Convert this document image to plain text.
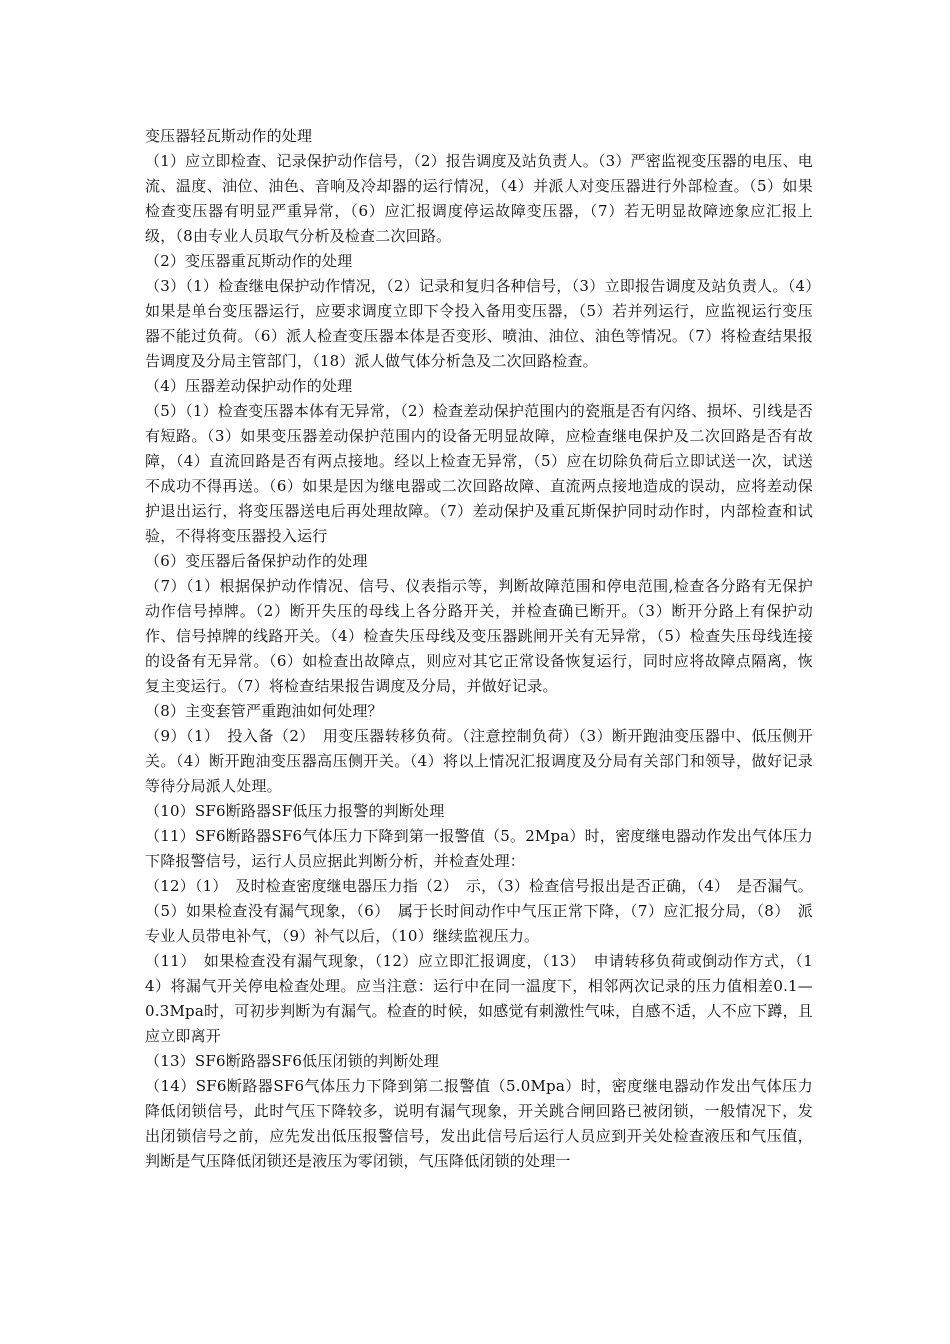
变压器轻瓦斯动作的处理

（1）应立即检查、记录保护动作信号，（2）报告调度及站负责人。（3）严密监视变压器的电压、电流、温度、油位、油色、音响及冷却器的运行情况，（4）并派人对变压器进行外部检查。（5）如果检查变压器有明显严重异常，（6）应汇报调度停运故障变压器，（7）若无明显故障迹象应汇报上级，（8由专业人员取气分析及检查二次回路。

（2）变压器重瓦斯动作的处理

（3）（1）检查继电保护动作情况，（2）记录和复归各种信号，（3）立即报告调度及站负责人。（4）如果是单台变压器运行，应要求调度立即下令投入备用变压器，（5）若并列运行，应监视运行变压器不能过负荷。（6）派人检查变压器本体是否变形、喷油、油位、油色等情况。（7）将检查结果报告调度及分局主管部门，（18）派人做气体分析急及二次回路检查。

（4）压器差动保护动作的处理

（5）（1）检查变压器本体有无异常，（2）检查差动保护范围内的瓷瓶是否有闪络、损坏、引线是否有短路。（3）如果变压器差动保护范围内的设备无明显故障，应检查继电保护及二次回路是否有故障，（4）直流回路是否有两点接地。经以上检查无异常，（5）应在切除负荷后立即试送一次，试送不成功不得再送。（6）如果是因为继电器或二次回路故障、直流两点接地造成的误动，应将差动保护退出运行，将变压器送电后再处理故障。（7）差动保护及重瓦斯保护同时动作时，内部检查和试验，不得将变压器投入运行

（6）变压器后备保护动作的处理

（7）（1）根据保护动作情况、信号、仪表指示等，判断故障范围和停电范围,检查各分路有无保护动作信号掉牌。（2）断开失压的母线上各分路开关，并检查确已断开。（3）断开分路上有保护动作、信号掉牌的线路开关。（4）检查失压母线及变压器跳闸开关有无异常，（5）检查失压母线连接的设备有无异常。（6）如检查出故障点，则应对其它正常设备恢复运行，同时应将故障点隔离，恢复主变运行。（7）将检查结果报告调度及分局，并做好记录。

（8）主变套管严重跑油如何处理？

（9）（1）　投入备（2）　用变压器转移负荷。（注意控制负荷）（3）断开跑油变压器中、低压侧开关。（4）断开跑油变压器高压侧开关。（4）将以上情况汇报调度及分局有关部门和领导，做好记录等待分局派人处理。

（10）SF6断路器SF低压力报警的判断处理

（11）SF6断路器SF6气体压力下降到第一报警值（5。2Mpa）时，密度继电器动作发出气体压力下降报警信号，运行人员应据此判断分析，并检查处理：

（12）（1）　及时检查密度继电器压力指（2）　示，（3）检查信号报出是否正确，（4）　是否漏气。（5）如果检查没有漏气现象，（6）　属于长时间动作中气压正常下降，（7）应汇报分局，（8）　派专业人员带电补气，（9）补气以后，（10）继续监视压力。

（11）　如果检查没有漏气现象，（12）应立即汇报调度，（13）　申请转移负荷或倒动作方式，（14）将漏气开关停电检查处理。应当注意：运行中在同一温度下，相邻两次记录的压力值相差0.1—0.3Mpa时，可初步判断为有漏气。检查的时候，如感觉有刺激性气味，自感不适，人不应下蹲，且应立即离开

（13）SF6断路器SF6低压闭锁的判断处理

（14）SF6断路器SF6气体压力下降到第二报警值（5.0Mpa）时，密度继电器动作发出气体压力降低闭锁信号，此时气压下降较多，说明有漏气现象，开关跳合闸回路已被闭锁，一般情况下，发出闭锁信号之前，应先发出低压报警信号，发出此信号后运行人员应到开关处检查液压和气压值，判断是气压降低闭锁还是液压为零闭锁，气压降低闭锁的处理一
